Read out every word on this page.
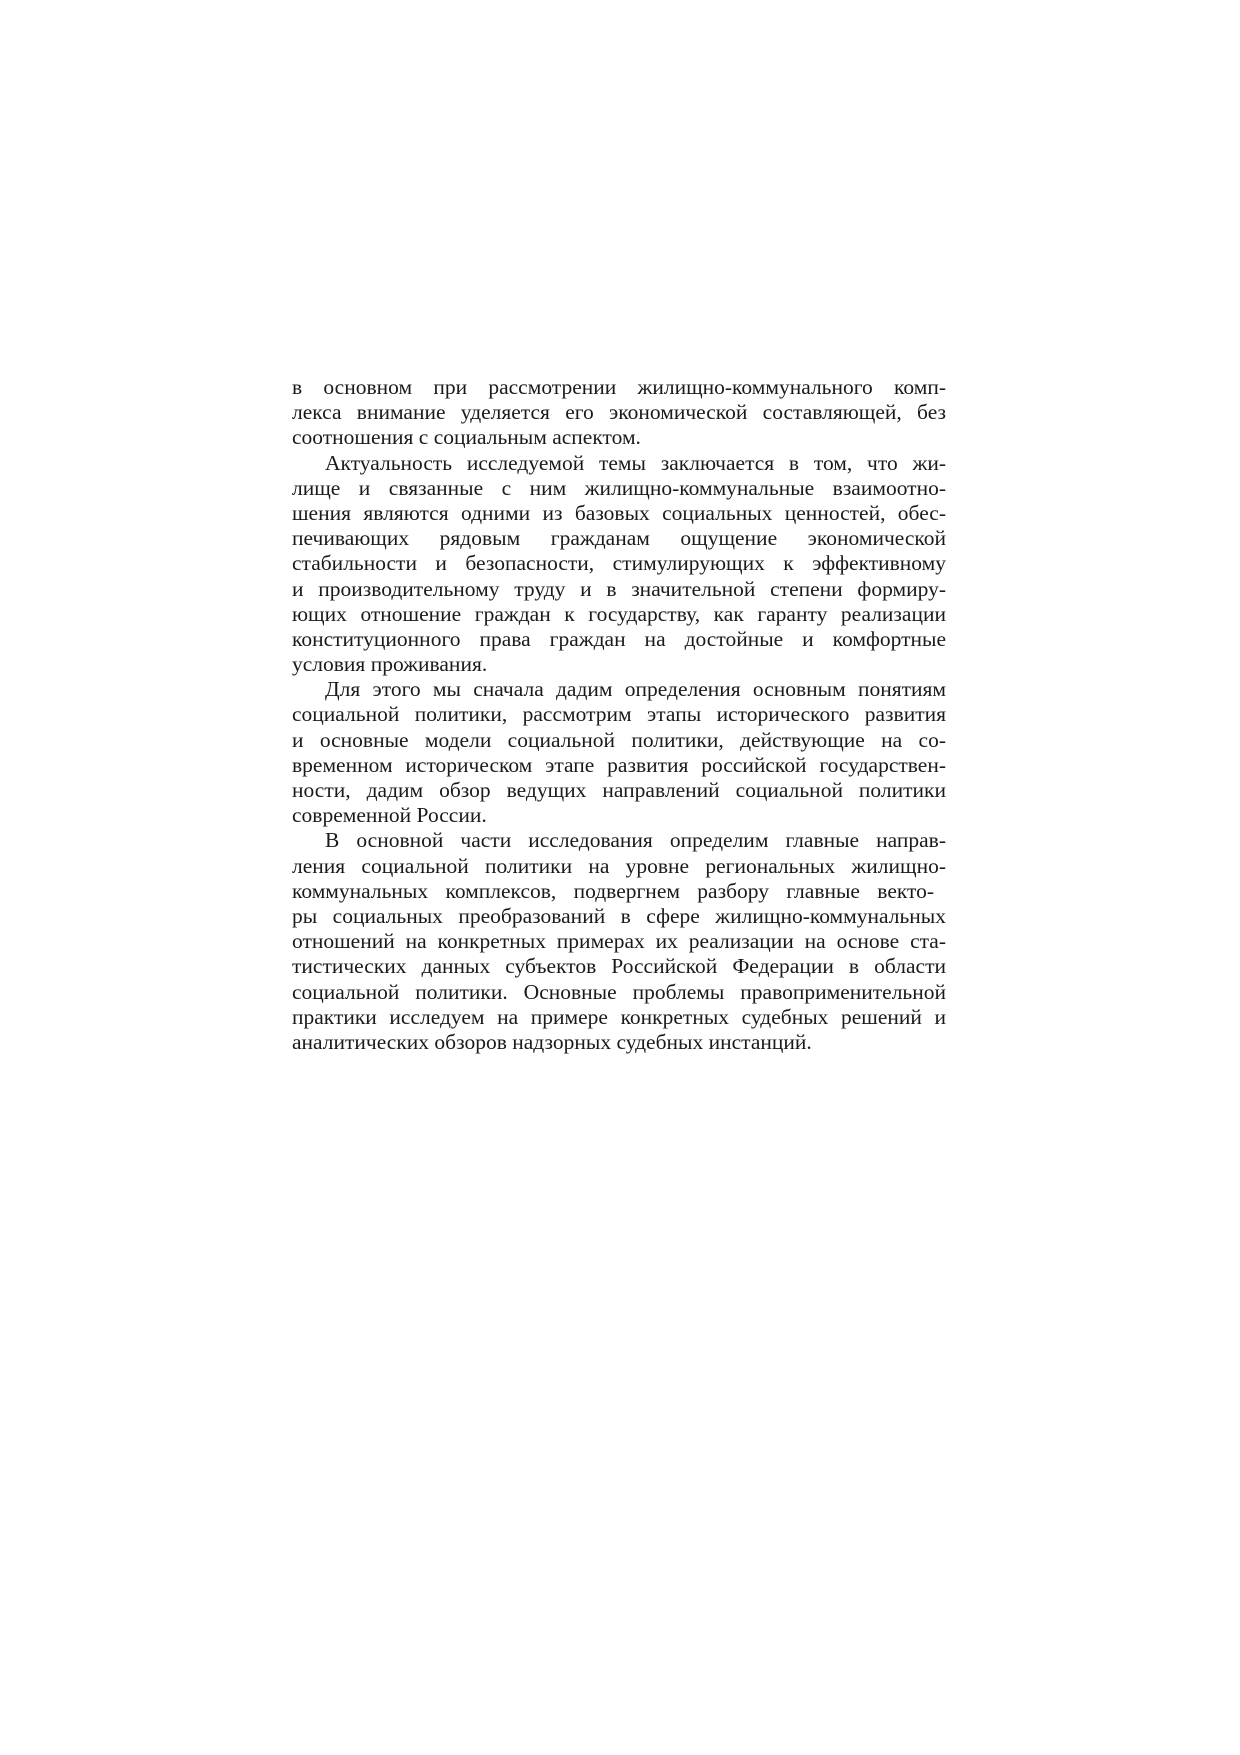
в основном при рассмотрении жилищно-коммунального комп-
лекса внимание уделяется его экономической составляющей, без
соотношения с социальным аспектом.
Актуальность исследуемой темы заключается в том, что жи-
лище и связанные с ним жилищно-коммунальные взаимоотно-
шения являются одними из базовых социальных ценностей, обес-
печивающих рядовым гражданам ощущение экономической
стабильности и безопасности, стимулирующих к эффективному
и производительному труду и в значительной степени формиру-
ющих отношение граждан к государству, как гаранту реализации
конституционного права граждан на достойные и комфортные
условия проживания.
Для этого мы сначала дадим определения основным понятиям
социальной политики, рассмотрим этапы исторического развития
и основные модели социальной политики, действующие на со-
временном историческом этапе развития российской государствен-
ности, дадим обзор ведущих направлений социальной политики
современной России.
В основной части исследования определим главные направ-
ления социальной политики на уровне региональных жилищно-
коммунальных комплексов, подвергнем разбору главные векто-
ры социальных преобразований в сфере жилищно-коммунальных
отношений на конкретных примерах их реализации на основе ста-
тистических данных субъектов Российской Федерации в области
социальной политики. Основные проблемы правоприменительной
практики исследуем на примере конкретных судебных решений и
аналитических обзоров надзорных судебных инстанций.
